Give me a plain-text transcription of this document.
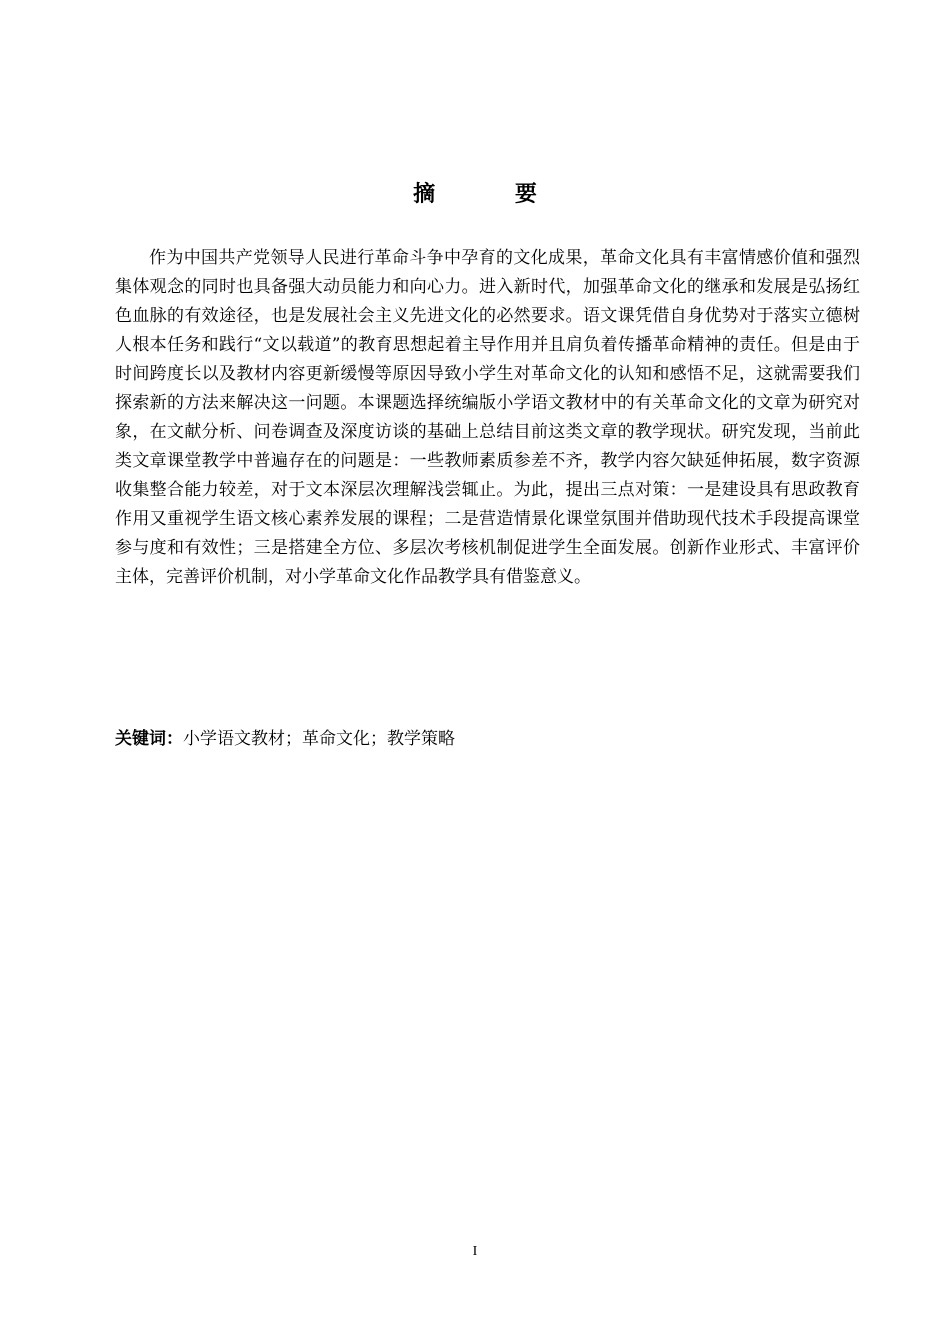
摘 要

作为中国共产党领导人民进行革命斗争中孕育的文化成果，革命文化具有丰富情感价值和强烈集体观念的同时也具备强大动员能力和向心力。进入新时代，加强革命文化的继承和发展是弘扬红色血脉的有效途径，也是发展社会主义先进文化的必然要求。语文课凭借自身优势对于落实立德树人根本任务和践行“文以载道”的教育思想起着主导作用并且肩负着传播革命精神的责任。但是由于时间跨度长以及教材内容更新缓慢等原因导致小学生对革命文化的认知和感悟不足，这就需要我们探索新的方法来解决这一问题。本课题选择统编版小学语文教材中的有关革命文化的文章为研究对象，在文献分析、问卷调查及深度访谈的基础上总结目前这类文章的教学现状。研究发现，当前此类文章课堂教学中普遍存在的问题是：一些教师素质参差不齐，教学内容欠缺延伸拓展，数字资源收集整合能力较差，对于文本深层次理解浅尝辄止。为此，提出三点对策：一是建设具有思政教育作用又重视学生语文核心素养发展的课程；二是营造情景化课堂氛围并借助现代技术手段提高课堂参与度和有效性；三是搭建全方位、多层次考核机制促进学生全面发展。创新作业形式、丰富评价主体，完善评价机制，对小学革命文化作品教学具有借鉴意义。

关键词：小学语文教材；革命文化；教学策略

I
